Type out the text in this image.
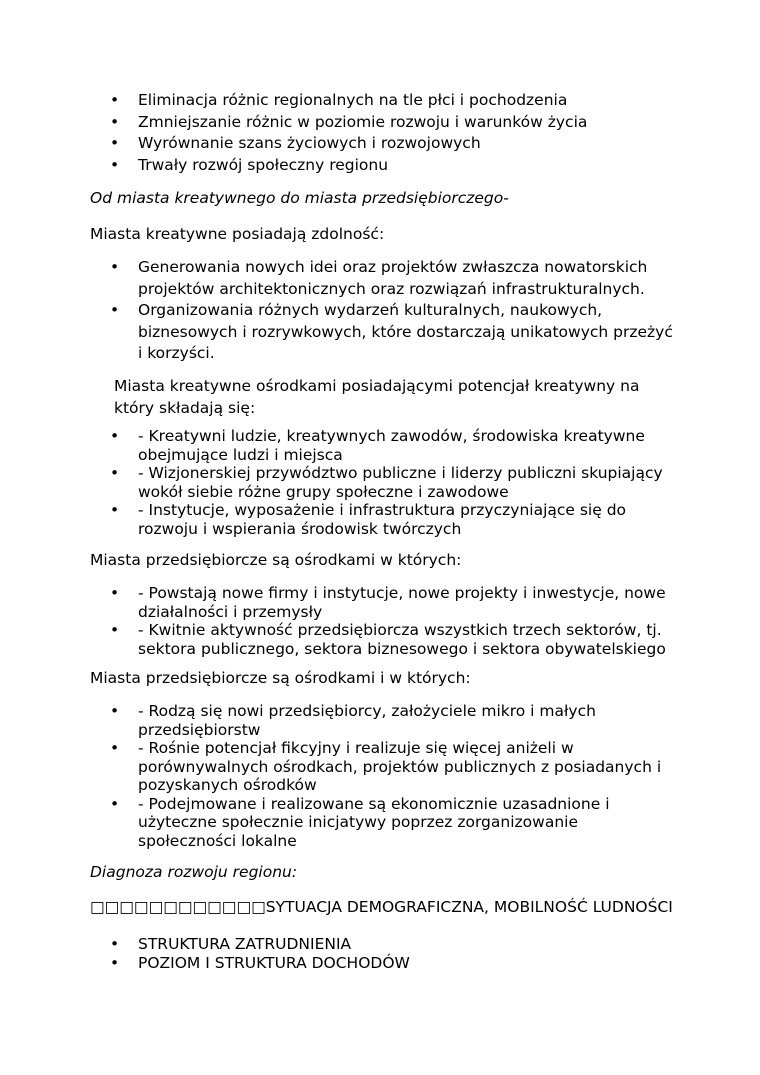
• Eliminacja różnic regionalnych na tle płci i pochodzenia
• Zmniejszanie różnic w poziomie rozwoju i warunków życia
• Wyrównanie szans życiowych i rozwojowych
• Trwały rozwój społeczny regionu

Od miasta kreatywnego do miasta przedsiębiorczego-

Miasta kreatywne posiadają zdolność:

• Generowania nowych idei oraz projektów zwłaszcza nowatorskich projektów architektonicznych oraz rozwiązań infrastrukturalnych.
• Organizowania różnych wydarzeń kulturalnych, naukowych, biznesowych i rozrywkowych, które dostarczają unikatowych przeżyć i korzyści.

Miasta kreatywne ośrodkami posiadającymi potencjał kreatywny na który składają się:

• - Kreatywni ludzie, kreatywnych zawodów, środowiska kreatywne obejmujące ludzi i miejsca
• - Wizjonerskiej przywództwo publiczne i liderzy publiczni skupiający wokół siebie różne grupy społeczne i zawodowe
• - Instytucje, wyposażenie i infrastruktura przyczyniające się do rozwoju i wspierania środowisk twórczych

Miasta przedsiębiorcze są ośrodkami w których:

• - Powstają nowe firmy i instytucje, nowe projekty i inwestycje, nowe działalności i przemysły
• - Kwitnie aktywność przedsiębiorcza wszystkich trzech sektorów, tj. sektora publicznego, sektora biznesowego i sektora obywatelskiego

Miasta przedsiębiorcze są ośrodkami i w których:

• - Rodzą się nowi przedsiębiorcy, założyciele mikro i małych przedsiębiorstw
• - Rośnie potencjał fikcyjny i realizuje się więcej aniżeli w porównywalnych ośrodkach, projektów publicznych z posiadanych i pozyskanych ośrodków
• - Podejmowane i realizowane są ekonomicznie uzasadnione i użyteczne społecznie inicjatywy poprzez zorganizowanie społeczności lokalne

Diagnoza rozwoju regionu:

□□□□□□□□□□□□SYTUACJA DEMOGRAFICZNA, MOBILNOŚĆ LUDNOŚCI

• STRUKTURA ZATRUDNIENIA
• POZIOM I STRUKTURA DOCHODÓW
